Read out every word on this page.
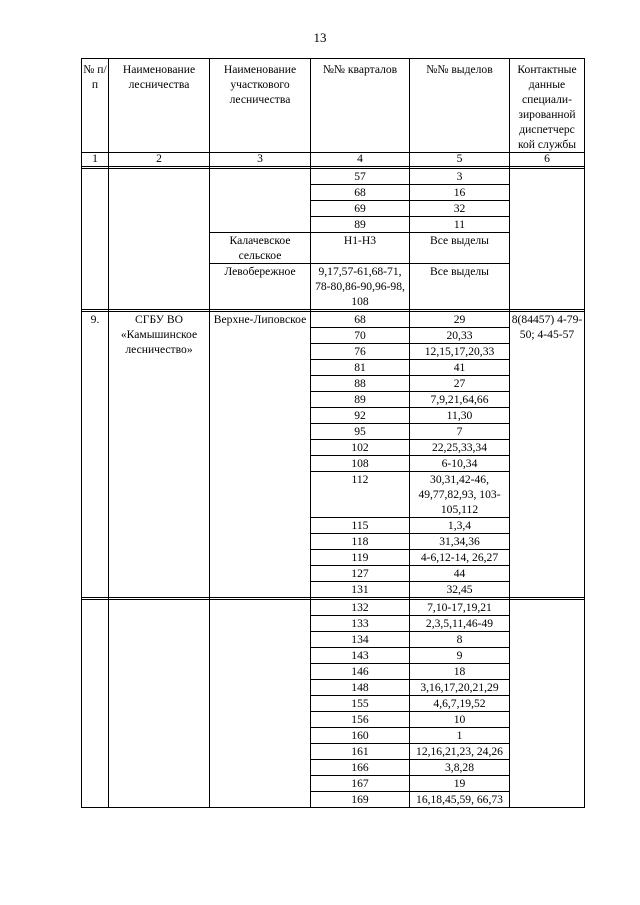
13
№ п/п	Наименование лесничества	Наименование участкового лесничества	№№ кварталов	№№ выделов	Контактные данные специали-зированной диспетчерс кой службы
1	2	3	4	5	6

			57	3	
			68	16	
			69	32	
			89	11	
		Калачевское сельское	Н1-Н3	Все выделы	
		Левобережное	9,17,57-61,68-71, 78-80,86-90,96-98, 108	Все выделы	

9.	СГБУ ВО «Камышинское лесничество»	Верхне-Липовское	68	29	8(84457) 4-79-50; 4-45-57
			70	20,33	
			76	12,15,17,20,33	
			81	41	
			88	27	
			89	7,9,21,64,66	
			92	11,30	
			95	7	
			102	22,25,33,34	
			108	6-10,34	
			112	30,31,42-46, 49,77,82,93, 103-105,112	
			115	1,3,4	
			118	31,34,36	
			119	4-6,12-14, 26,27	
			127	44	
			131	32,45	

			132	7,10-17,19,21	
			133	2,3,5,11,46-49	
			134	8	
			143	9	
			146	18	
			148	3,16,17,20,21,29	
			155	4,6,7,19,52	
			156	10	
			160	1	
			161	12,16,21,23, 24,26	
			166	3,8,28	
			167	19	
			169	16,18,45,59, 66,73	
